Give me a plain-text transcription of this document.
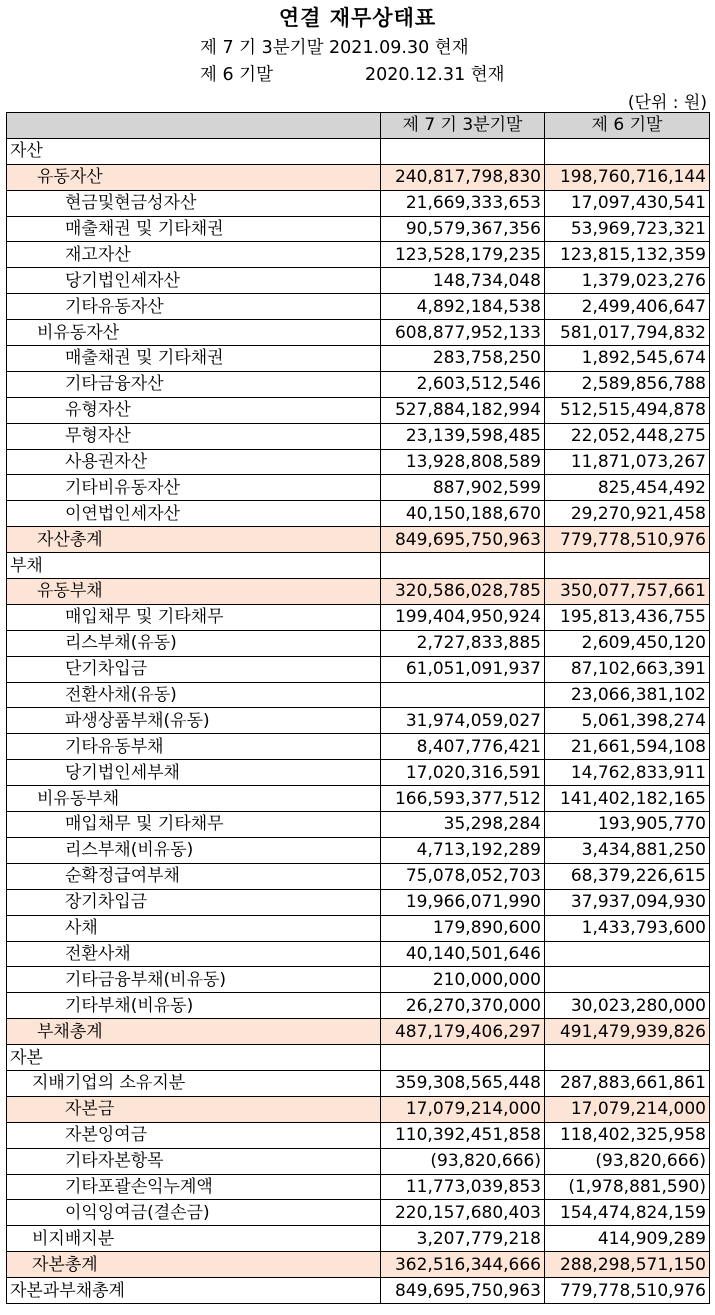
연결 재무상태표
제 7 기 3분기말 2021.09.30 현재
제 6 기말	2020.12.31 현재
(단위 : 원)
	제 7 기 3분기말	제 6 기말
자산		
유동자산	240,817,798,830	198,760,716,144
현금및현금성자산	21,669,333,653	17,097,430,541
매출채권 및 기타채권	90,579,367,356	53,969,723,321
재고자산	123,528,179,235	123,815,132,359
당기법인세자산	148,734,048	1,379,023,276
기타유동자산	4,892,184,538	2,499,406,647
비유동자산	608,877,952,133	581,017,794,832
매출채권 및 기타채권	283,758,250	1,892,545,674
기타금융자산	2,603,512,546	2,589,856,788
유형자산	527,884,182,994	512,515,494,878
무형자산	23,139,598,485	22,052,448,275
사용권자산	13,928,808,589	11,871,073,267
기타비유동자산	887,902,599	825,454,492
이연법인세자산	40,150,188,670	29,270,921,458
자산총계	849,695,750,963	779,778,510,976
부채		
유동부채	320,586,028,785	350,077,757,661
매입채무 및 기타채무	199,404,950,924	195,813,436,755
리스부채(유동)	2,727,833,885	2,609,450,120
단기차입금	61,051,091,937	87,102,663,391
전환사채(유동)		23,066,381,102
파생상품부채(유동)	31,974,059,027	5,061,398,274
기타유동부채	8,407,776,421	21,661,594,108
당기법인세부채	17,020,316,591	14,762,833,911
비유동부채	166,593,377,512	141,402,182,165
매입채무 및 기타채무	35,298,284	193,905,770
리스부채(비유동)	4,713,192,289	3,434,881,250
순확정급여부채	75,078,052,703	68,379,226,615
장기차입금	19,966,071,990	37,937,094,930
사채	179,890,600	1,433,793,600
전환사채	40,140,501,646	
기타금융부채(비유동)	210,000,000	
기타부채(비유동)	26,270,370,000	30,023,280,000
부채총계	487,179,406,297	491,479,939,826
자본		
지배기업의 소유지분	359,308,565,448	287,883,661,861
자본금	17,079,214,000	17,079,214,000
자본잉여금	110,392,451,858	118,402,325,958
기타자본항목	(93,820,666)	(93,820,666)
기타포괄손익누계액	11,773,039,853	(1,978,881,590)
이익잉여금(결손금)	220,157,680,403	154,474,824,159
비지배지분	3,207,779,218	414,909,289
자본총계	362,516,344,666	288,298,571,150
자본과부채총계	849,695,750,963	779,778,510,976
